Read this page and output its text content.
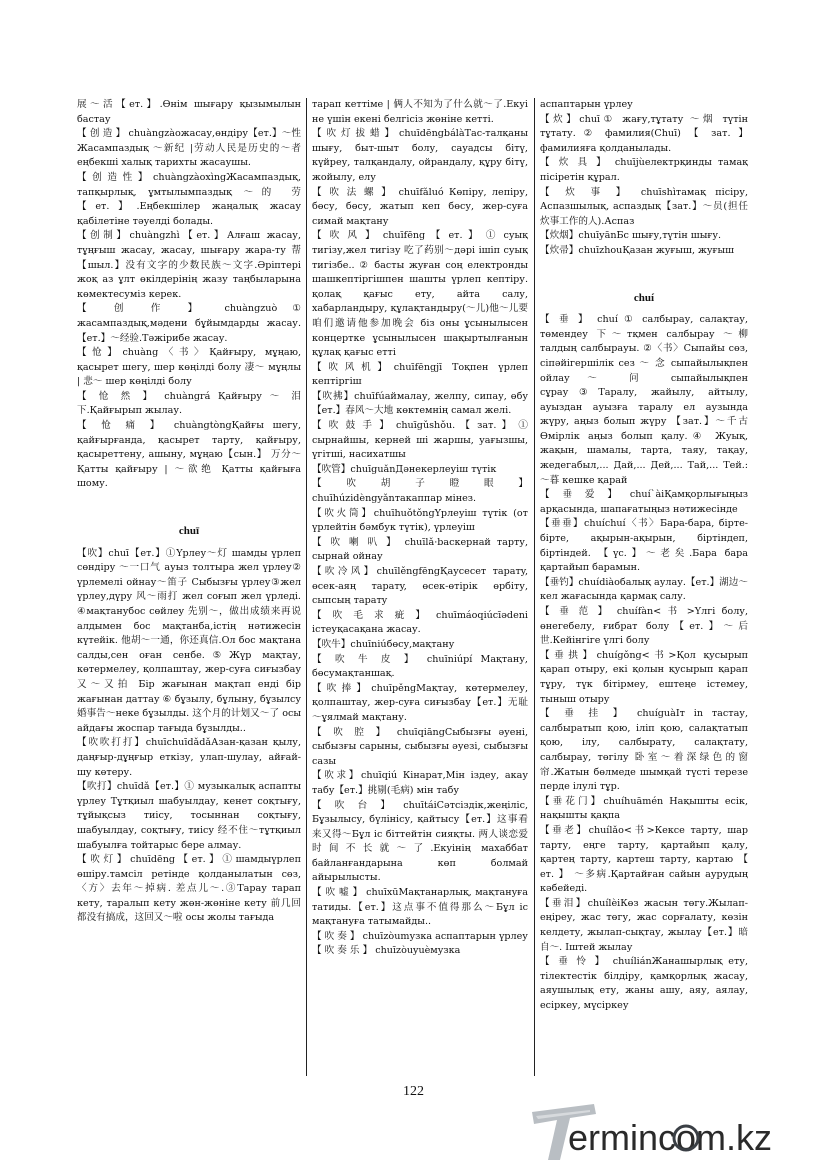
展～活【ет.】.Өнім шығару қызымылын бастау

【 创 造 】 chuàngzàoжасау,өндіру【ет.】～性 Жасампаздық ～新纪 |劳动人民是历史的～者 еңбекші халық тарихты жасаушы.

【创造性】chuàngzàoxìngЖасампаздық, тапқырлық, ұмтылымпаздық ～的 劳【ет.】.Еңбекшілер жаңалық жасау қабілетіне тәуелді болады.

【创制】chuàngzhì【ет.】Алғаш жасау, тұңғыш жасау, жасау, шығару жара-ту 帮【шыл.】没有文字的少数民族～文字.Әріптері жоқ аз ұлт өкілдерінің жазу таңбыларына көмектесуміз керек.

【 创 作 】 chuàngzuò ① жасампаздық,мәдени бұйымдарды жасау.【ет.】～经验.Тәжірибе жасау.

【怆】chuàng〈书〉Қайғыру, мұңаю, қасырет шегу, шер көңілді болу 凄～ мұңлы | 悲～ шер көңілді болу

【 怆 然 】 chuàngrá Қайғыру ～ 泪下.Қайғырып жылау.

【 怆 痛 】 chuàngtòngҚайғы шегу, қайғырғанда, қасырет тарту, қайғыру, қасыреттену, ашыну, мұңаю【сын.】 万分～ Қатты қайғыру | ～欲绝 Қатты қайғыға шому.

chuī

【吹】chuī【ет.】①Үрлеу～灯 шамды үрлеп сөндіру ～一口气 ауыз толтыра жел үрлеу② үрлемелі ойнау～笛子 Сыбызғы үрлеу③жел үрлеу,дүру 风～雨打 жел соғып жел үрледі. ④мақтанубос сөйлеу 先别～，做出成绩来再说 алдымен бос мақтанба,істің нәтижесін күтейік. 他胡～一通，你还真信.Ол бос мақтана салды,сен оған сенбе.⑤Жүр мақтау, көтермелеу, қолпаштау, жер-суға сиғызбау 又～又拍 Бір жағынан мақтап енді бір жағынан даттау ⑥ бұзылу, бұлыну, бұзылсу 婚事告～неке бұзылды. 这个月的计划又～了 осы айдағы жоспар тағыда бұзылды..

【吹吹打打】chuīchuīdǎdǎАзан-қазан қылу, даңғыр-дұңғыр еткізу, улап-шулау, айғай-шу көтеру.

【吹打】chuīdǎ【ет.】① музыкалық аспапты үрлеу Тұтқиыл шабуылдау, кенет соқтығу, тұйықсыз тиісу, тосыннан соқтығу, шабуылдау, соқтығу, тиісу 经不住～тұтқиыл шабуылға тойтарыс бере алмау.

【 吹 灯 】 chuīdēng 【 ет. 】 ① шамдыүрлеп өшіру.тамсіл ретінде қолданылатын сөз,〈方〉去年～掉病. 差点儿～.③Тарау тарап кету, таралып кету жөн-жөніне кету 前几回都没有搞成，这回又～啦 осы жолы тағыда

тарап кеттіме | 俩人不知为了什么就～了.Екуі не үшін екені белгісіз жөніне кетті.

【吹灯拔蜡】chuīdēngbálàТас-талқаны шығу, быт-шыт болу, сауадсы бітү, күйреу, талқандалу, ойрандалу, құру бітү, жойылу, елу

【 吹 法 螺 】 chuīfǎluó Көпіру, лепіру, бөсу, бөсу, жатып кеп бөсу, жер-суға симай мақтану

【 吹 风 】 chuīfēng 【 ет. 】 ① суық тигізу,жел тигізу 吃了药别～дәрі ішіп суық тигізбе.. ② басты жуған соң електронды шашкептіргішпен шашты үрлеп кептіру. қолақ қағыс ету, айта салу, хабарландыру, құлақтандыру(～儿)他～儿要咱们邀请他参加晚会 біз оны ұсынылысен концертке ұсынылысен шақыртылғанын құлақ қағыс етті

【吹风机】chuīfēngjī Тоқпен үрлеп кептіргіш

【吹拂】chuīfúаймалау, желпу, сипау, өбу【ет.】春风～大地 көктемнің самал желі.

【 吹 鼓 手 】 chuīgǔshǒu. 【 зат. 】 ① сырнайшы, керней ші жаршы, уағызшы, үгітші, насихатшы

【吹管】chuīguǎnДәнекерлеуіш түтік

【 吹 胡 子 瞪 眼 】 chuīhúzidèngyǎnтакаппар мінез.

【吹火筒】chuīhuǒtǒngҮрлеуіш түтік (от үрлейтін бәмбук түтік), үрлеуіш

【 吹 喇 叭 】 chuīlǎ·bacкернай тарту, сырнай ойнау

【吹冷风】chuīlěngfēngҚаусесет таратy, өсек-аяң таратy, өсек-өтірік өрбіту, сыпсың таратy

【 吹 毛 求 疵 】 chuīmáoqiúcīədeni істеуқасақана жасау.

【吹牛】chuīniúбөсу,мақтану

【 吹 牛 皮 】 chuīniúpí Мақтану, бөсумақтаншақ.

【吹捧】chuīpěngМақтау, көтермелеу, қолпаштау, жер-суға сиғызбау【ет.】无耻～ұялмай мақтану.

【 吹 腔 】 chuīqiāngСыбызғы әуені, сыбызғы сарыны, сыбызғы әуезі, сыбызғы сазы

【吹求】chuīqiú Кінарат,Мін іздеу, акау табу【ет.】挑剔(毛病) мін табу

【 吹 台 】 chuītáiСәтсіздік,жеңіліс, Бұзылысу, бүлінісу, қайтысу【ет.】这事看来又得～Бұл іс біттейтін сияқты. 两人谈恋爱时间不长就～了.Екуінің махаббат байланғандарына көп болмай айырылысты.

【 吹 嘘 】 chuīxūМақтанарлық, мақтануға татиды.【ет.】这点事不值得那么～Бұл іс мақтануға татымайды..

【 吹 奏 】 chuīzòumузка аспаптарын үрлеу

【 吹 奏 乐 】 chuīzòuyuèмузка

аспаптарын үрлеу

【炊】chuī① жағу,тұтату ～烟 түтін тұтату. ② фамилия(Chuī) 【 зат. 】 фамилияға қолданылады.

【 炊 具 】 chuījùелектрқинды тамақ пісіретін құрал.

【 炊 事 】 chuīshìтамақ пісіру, Аспазшылық, аспаздық【зат.】～员(担任炊事工作的人).Аспаз

【炊烟】chuīyānБс шығу,түтін шығу.

【炊帚】chuīzhouҚазан жуғыш, жуғыш

chuí

【 垂 】 chuí ① салбырау, салақтау, төмендеу 下～тқмен салбырау ～柳 талдың салбырауы. ②〈书〉Сыпайы сөз, сіпәйігершілік сез ～ 念 сыпайылықпен ойлау ～ 问 сыпайылықпен сұрау③Таралу, жайылу, айтылу, ауыздан ауызға таралу ел аузында жүру, аңыз болып жүру 【зат.】～千古 Өмірлік аңыз болып қалу.④ Жуық, жақын, шамалы, тарта, таяу, тақау, жедегабыл,... Дай,... Дей,... Тай,... Тей.:～暮 кешке қарай

【 垂 爱 】 chuí`àiҚамқорлығыңыз арқасында, шапағатыңыз нәтижесінде

【垂垂】chuíchuí〈书〉Бара-бара, бірте-бірте, ақырын-ақырын, біртіндеп, біртіндей. 【үс.】～老矣.Бара бара қартайып барамын.

【垂钓】chuídiàoбалық аулау.【ет.】湖边～кел жағасында қармақ салу.

【 垂 范 】 chuífàn< 书 >Үлгі болу, өнегебелу, ғибрат болу【ет.】～后世.Кейінгіге үлгі болу

【垂拱】chuígǒng<书>Қол қусырып қарап отыру, екі қолын қусырып қарап тұру, түк бітірмеу, ештеңе істемеу, тыныш отыру

【 垂 挂 】 chuíguàIт in тастау, салбыратып қою, іліп қою, салақтатып қою, ілу, салбырату, салақтату, салбырау, төгілу 卧室～着深绿色的窗帘.Жатын бөлмеде шымқай түсті терезе перде ілулі тұр.

【垂花门】chuíhuāmén Нақышты есік, нақышты қақпа

【垂老】chuílǎo<书>Кексе тарту, шар тарту, еңге тарту, қартайып қалу, қартең тарту, картеш тарту, картаю 【 ет. 】 ～多病.Қартайған сайын аурудың кәбейеді.

【垂泪】chuílèiКөз жасын төгу.Жылап-еңіреу, жас төгу, жас сорғалату, көзін келдету, жылап-сықтау, жылау【ет.】暗自～. Іштей жылау

【 垂 怜 】 chuíliánЖанашырлық ету, тілектестік білдіру, қамқорлық жасау, аяушылық ету, жаны ашу, аяу, аялау, есіркеу, мүсіркеу

122
ermincom.kz
